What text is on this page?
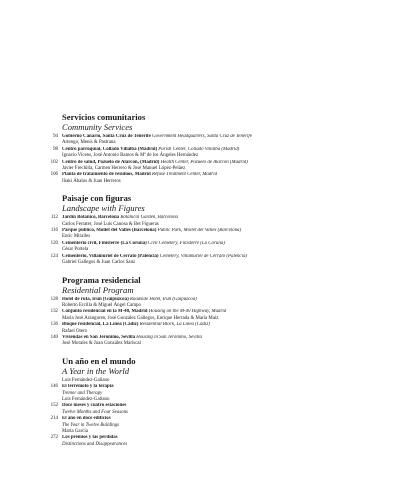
Servicios comunitarios
Community Services
94 Gobierno Canario, Santa Cruz de Tenerife Government Headquarters, Santa Cruz de Tenerife
Artengo, Menis & Pastrana
98 Centro parroquial, Collado Villalba (Madrid) Parish Center, Collado Villalba (Madrid)
Ignacio Vicens, José Antonio Ramos & Mª de los Ángeles Hernández
102 Centro de salud, Pozuelo de Alarcón, (Madrid) Health Center, Pozuelo de Alarcón (Madrid)
Javier Frechilla, Carmen Herrero & José Manuel López-Peláez
106 Planta de tratamiento de residuos, Madrid Refuse Treatment Center, Madrid
Iñaki Ábalos & Juan Herreros
Paisaje con figuras
Landscape with Figures
112 Jardín Botánico, Barcelona Botanical Garden, Barcelona
Carlos Ferrater, José Luis Canosa & Bet Figueras
116 Parque público, Mollet del Vallès (Barcelona) Public Park, Mollet del Vallès (Barcelona)
Enric Miralles
120 Cementerio civil, Finisterre (La Coruña) Civil Cemetery, Finisterre (La Coruña)
César Portela
124 Cementerio, Villamuriel de Cerrato (Palencia) Cemetery, Villamuriel de Cerrato (Palencia)
Gabriel Gallegos & Juan Carlos Sanz
Programa residencial
Residential Program
128 Hotel de ruta, Irún (Guipúzcoa) Roadside Hotel, Irún (Guipúzcoa)
Roberto Ercilla & Miguel Ángel Campo
132 Conjunto residencial en la M-40, Madrid Housing on the M-40 Highway, Madrid
María José Aranguren, José González Gallegos, Enrique Herrada & María Maíz
136 Bloque residencial, La Línea (Cádiz) Residential Block, La Línea (Cádiz)
Rafael Otero
140 Viviendas en San Jerónimo, Sevilla Housing in San Jerónimo, Sevilla
José Morales & Juan González Mariscal
Un año en el mundo
A Year in the World
Luis Fernández-Galiano
146 El terremoto y la terapia
Tremor and Therapy
Luis Fernández-Galiano
152 Doce meses y cuatro estaciones
Twelve Months and Four Seasons
214 El año en doce edificios
The Year in Twelve Buildings
Marta García
272 Los premios y las pérdidas
Distinctions and Disappearances
